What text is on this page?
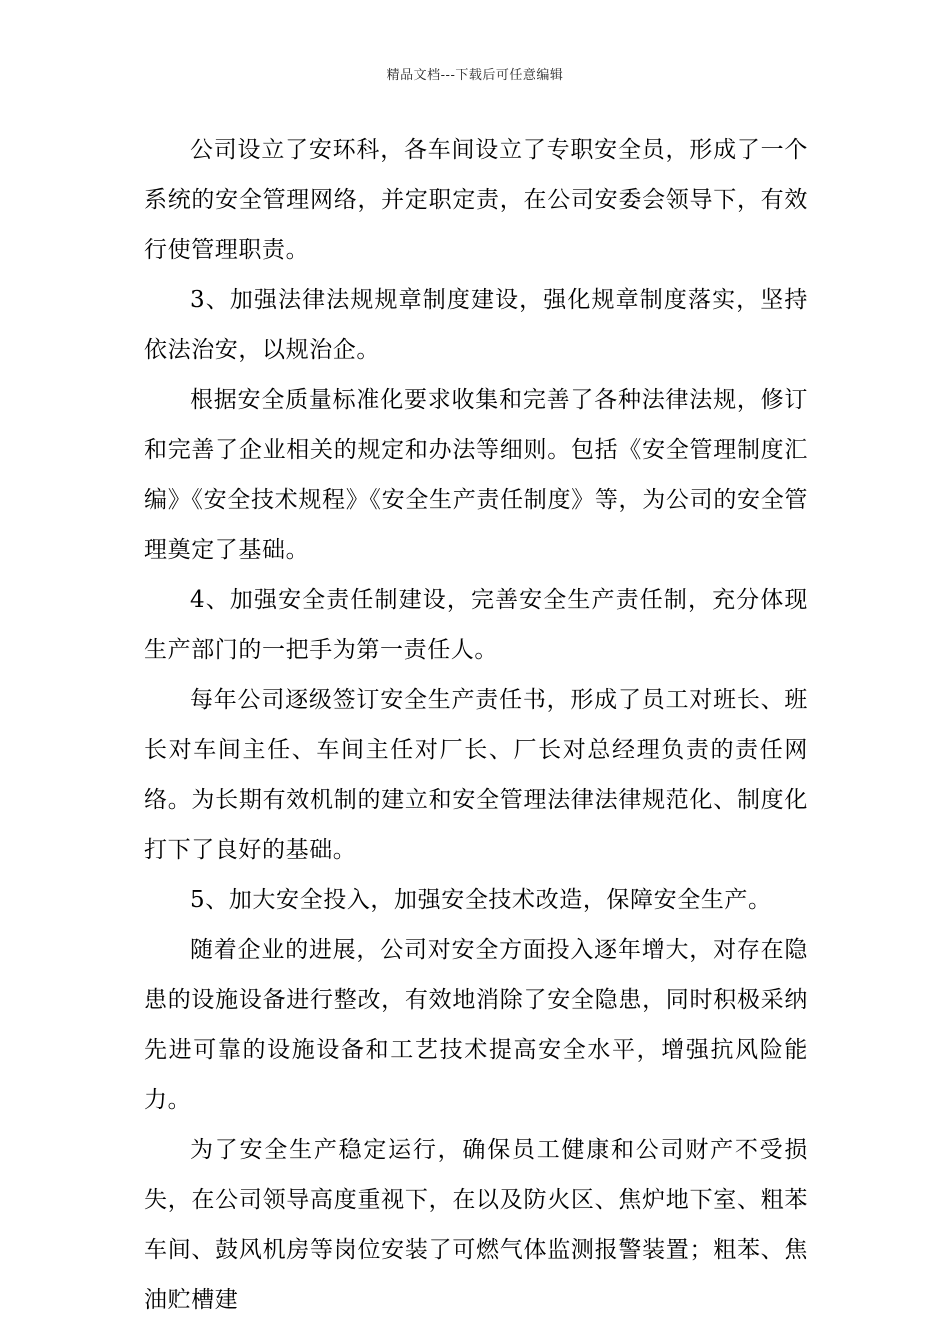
精品文档---下载后可任意编辑

公司设立了安环科，各车间设立了专职安全员，形成了一个系统的安全管理网络，并定职定责，在公司安委会领导下，有效行使管理职责。

3、加强法律法规规章制度建设，强化规章制度落实，坚持依法治安，以规治企。

根据安全质量标准化要求收集和完善了各种法律法规，修订和完善了企业相关的规定和办法等细则。包括《安全管理制度汇编》《安全技术规程》《安全生产责任制度》等，为公司的安全管理奠定了基础。

4、加强安全责任制建设，完善安全生产责任制，充分体现生产部门的一把手为第一责任人。

每年公司逐级签订安全生产责任书，形成了员工对班长、班长对车间主任、车间主任对厂长、厂长对总经理负责的责任网络。为长期有效机制的建立和安全管理法律法律规范化、制度化打下了良好的基础。

5、加大安全投入，加强安全技术改造，保障安全生产。

随着企业的进展，公司对安全方面投入逐年增大，对存在隐患的设施设备进行整改，有效地消除了安全隐患，同时积极采纳先进可靠的设施设备和工艺技术提高安全水平，增强抗风险能力。

为了安全生产稳定运行，确保员工健康和公司财产不受损失，在公司领导高度重视下，在以及防火区、焦炉地下室、粗苯车间、鼓风机房等岗位安装了可燃气体监测报警装置；粗苯、焦油贮槽建
